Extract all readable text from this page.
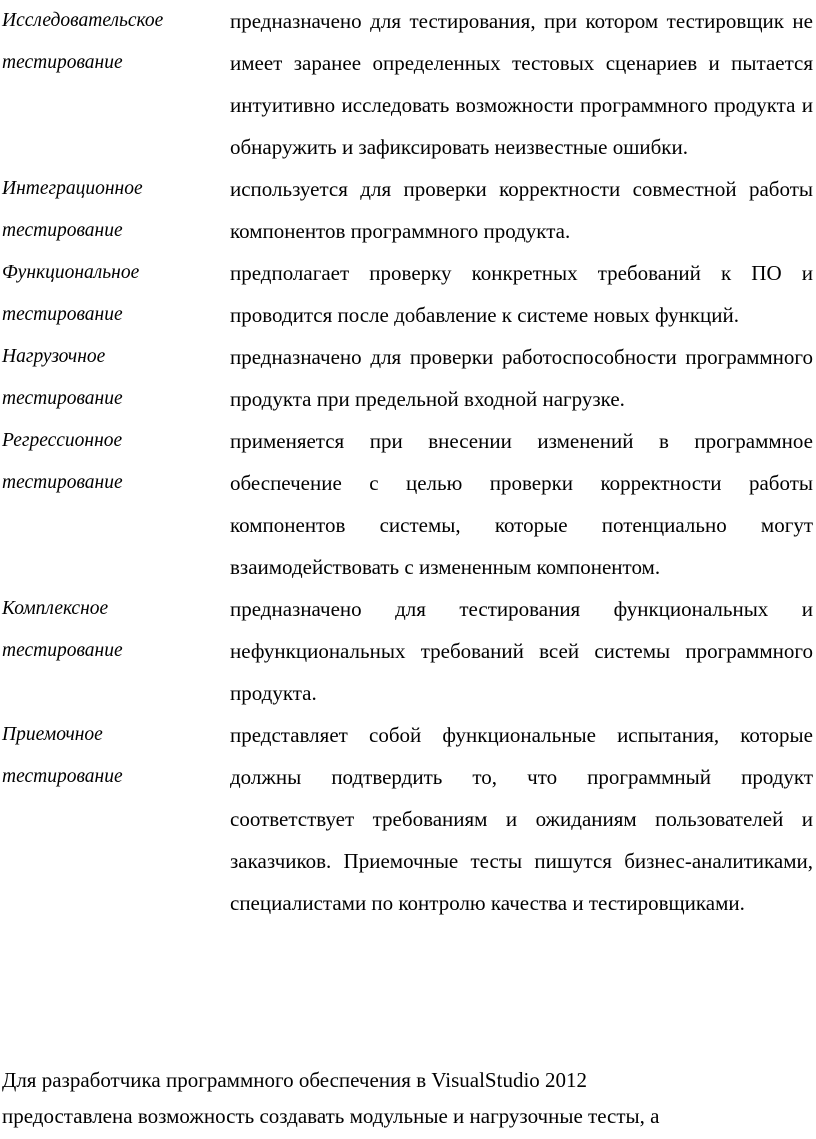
Исследовательское
тестирование
предназначено для тестирования, при котором тестировщик не имеет заранее определенных тестовых сценариев и пытается интуитивно исследовать возможности программного продукта и обнаружить и зафиксировать неизвестные ошибки.
Интеграционное
тестирование
используется для проверки корректности совместной работы компонентов программного продукта.
Функциональное
тестирование
предполагает проверку конкретных требований к ПО и проводится после добавление к системе новых функций.
Нагрузочное
тестирование
предназначено для проверки работоспособности программного продукта при предельной входной нагрузке.
Регрессионное
тестирование
применяется при внесении изменений в программное обеспечение с целью проверки корректности работы компонентов системы, которые потенциально могут взаимодействовать с измененным компонентом.
Комплексное
тестирование
предназначено для тестирования функциональных и нефункциональных требований всей системы программного продукта.
Приемочное
тестирование
представляет собой функциональные испытания, которые должны подтвердить то, что программный продукт соответствует требованиям и ожиданиям пользователей и заказчиков. Приемочные тесты пишутся бизнес-аналитиками, специалистами по контролю качества и тестировщиками.
Для разработчика программного обеспечения в VisualStudio 2012
предоставлена возможность создавать модульные и нагрузочные тесты, а
